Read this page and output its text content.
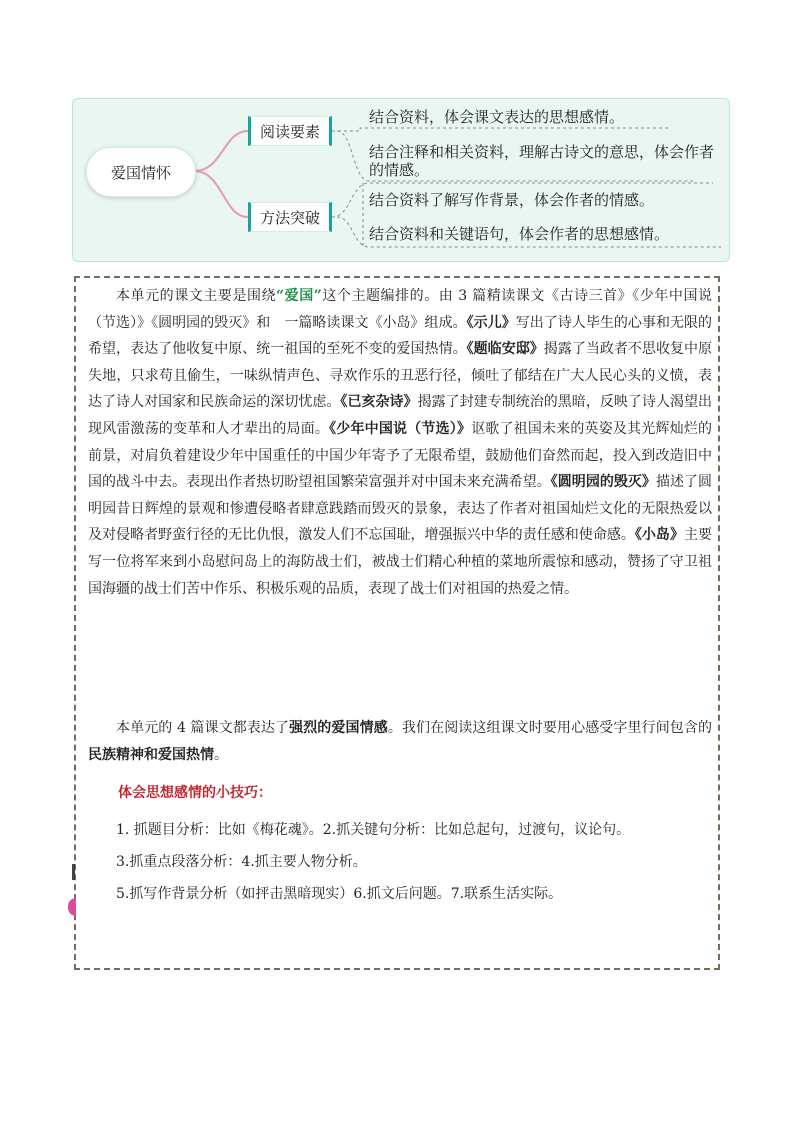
爱国情怀
阅读要素
方法突破
结合资料，体会课文表达的思想感情。
结合注释和相关资料，理解古诗文的意思，体会作者的情感。
结合资料了解写作背景，体会作者的情感。
结合资料和关键语句，体会作者的思想感情。

本单元的课文主要是围绕“爱国”这个主题编排的。由 3 篇精读课文《古诗三首》《少年中国说（节选）》《圆明园的毁灭》和　一篇略读课文《小岛》组成。《示儿》写出了诗人毕生的心事和无限的希望，表达了他收复中原、统一祖国的至死不变的爱国热情。《题临安邸》揭露了当政者不思收复中原失地，只求苟且偷生，一味纵情声色、寻欢作乐的丑恶行径，倾吐了郁结在广大人民心头的义愤，表达了诗人对国家和民族命运的深切忧虑。《已亥杂诗》揭露了封建专制统治的黑暗，反映了诗人渴望出现风雷激荡的变革和人才辈出的局面。《少年中国说（节选）》讴歌了祖国未来的英姿及其光辉灿烂的前景，对肩负着建设少年中国重任的中国少年寄予了无限希望，鼓励他们奋然而起，投入到改造旧中国的战斗中去。表现出作者热切盼望祖国繁荣富强并对中国未来充满希望。《圆明园的毁灭》描述了圆明园昔日辉煌的景观和惨遭侵略者肆意践踏而毁灭的景象，表达了作者对祖国灿烂文化的无限热爱以及对侵略者野蛮行径的无比仇恨，激发人们不忘国耻，增强振兴中华的责任感和使命感。《小岛》主要写一位将军来到小岛慰问岛上的海防战士们，被战士们精心种植的菜地所震惊和感动，赞扬了守卫祖国海疆的战士们苦中作乐、积极乐观的品质，表现了战士们对祖国的热爱之情。

本单元的 4 篇课文都表达了强烈的爱国情感。我们在阅读这组课文时要用心感受字里行间包含的民族精神和爱国热情。

体会思想感情的小技巧：
1. 抓题目分析：比如《梅花魂》。2.抓关键句分析：比如总起句，过渡句，议论句。
3.抓重点段落分析：4.抓主要人物分析。
5.抓写作背景分析（如抨击黑暗现实）6.抓文后问题。7.联系生活实际。
